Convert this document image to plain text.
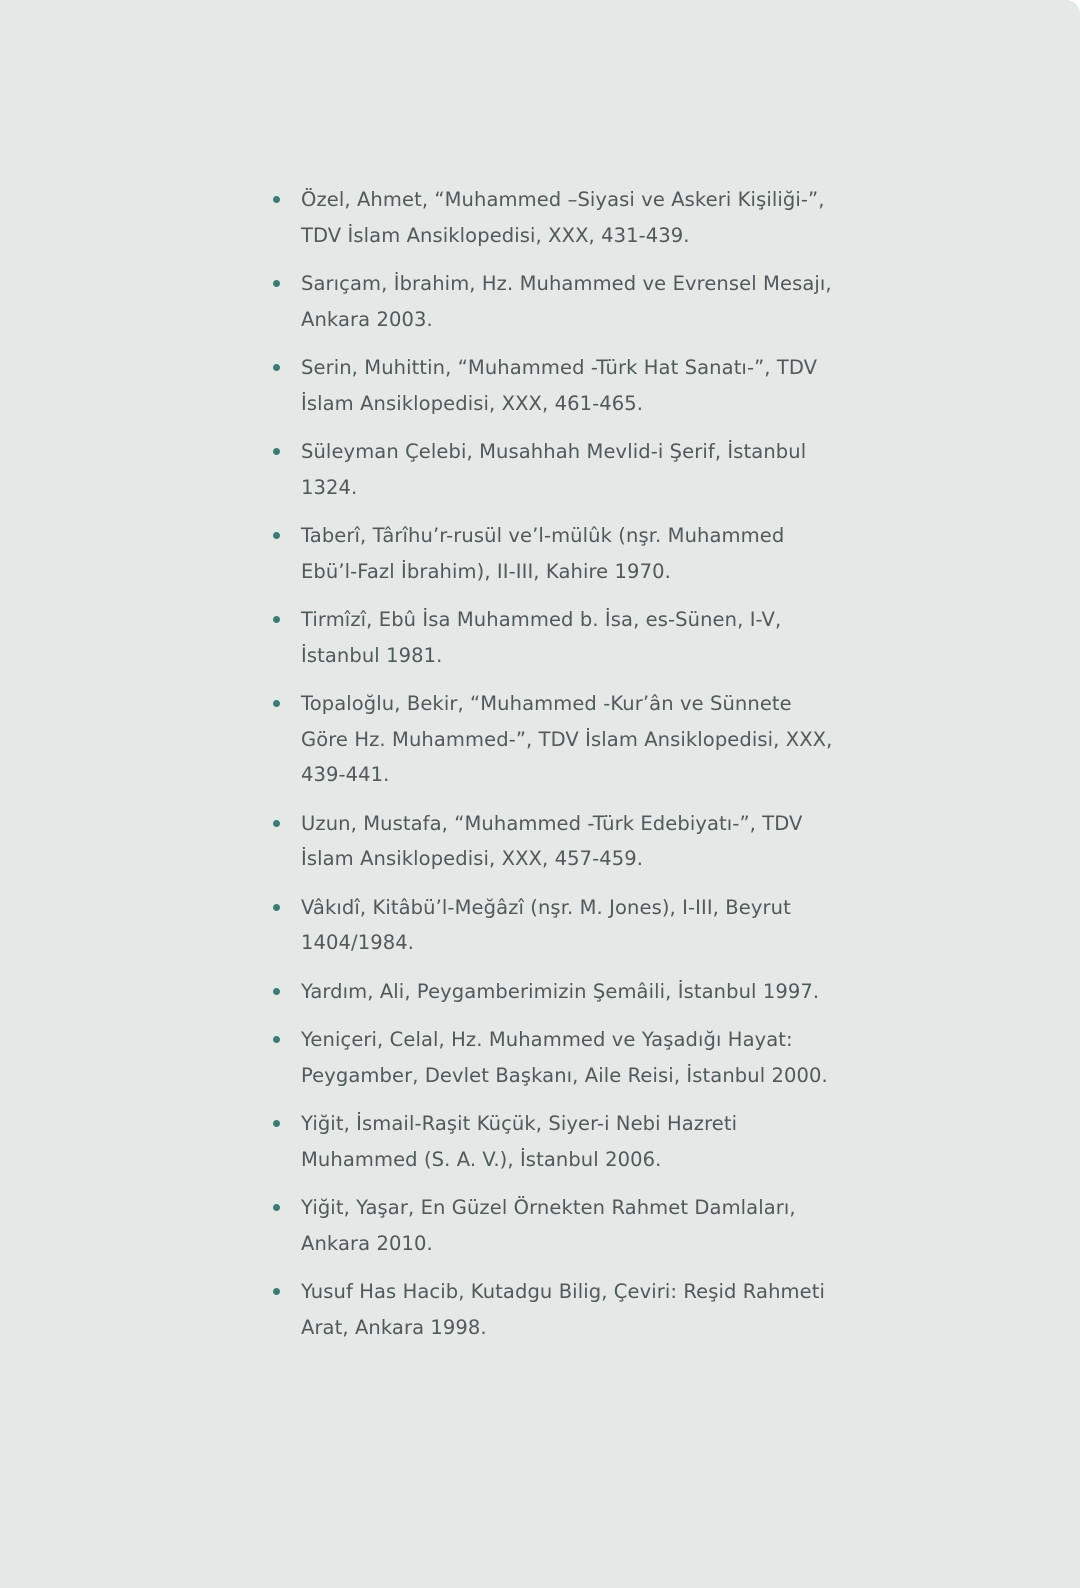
Özel, Ahmet, “Muhammed –Siyasi ve Askeri Kişiliği-”, TDV İslam Ansiklopedisi, XXX, 431-439.
Sarıçam, İbrahim, Hz. Muhammed ve Evrensel Mesajı, Ankara 2003.
Serin, Muhittin, “Muhammed -Türk Hat Sanatı-”, TDV İslam Ansiklopedisi, XXX, 461-465.
Süleyman Çelebi, Musahhah Mevlid-i Şerif, İstanbul 1324.
Taberî, Târîhu’r-rusül ve’l-mülûk (nşr. Muhammed Ebü’l-Fazl İbrahim), II-III, Kahire 1970.
Tirmîzî, Ebû İsa Muhammed b. İsa, es-Sünen, I-V, İstanbul 1981.
Topaloğlu, Bekir, “Muhammed -Kur’ân ve Sünnete Göre Hz. Muhammed-”, TDV İslam Ansiklopedisi, XXX, 439-441.
Uzun, Mustafa, “Muhammed -Türk Edebiyatı-”, TDV İslam Ansiklopedisi, XXX, 457-459.
Vâkıdî, Kitâbü’l-Meğâzî (nşr. M. Jones), I-III, Beyrut 1404/1984.
Yardım, Ali, Peygamberimizin Şemâili, İstanbul 1997.
Yeniçeri, Celal, Hz. Muhammed ve Yaşadığı Hayat: Peygamber, Devlet Başkanı, Aile Reisi, İstanbul 2000.
Yiğit, İsmail-Raşit Küçük, Siyer-i Nebi Hazreti Muhammed (S. A. V.), İstanbul 2006.
Yiğit, Yaşar, En Güzel Örnekten Rahmet Damlaları, Ankara 2010.
Yusuf Has Hacib, Kutadgu Bilig, Çeviri: Reşid Rahmeti Arat, Ankara 1998.
